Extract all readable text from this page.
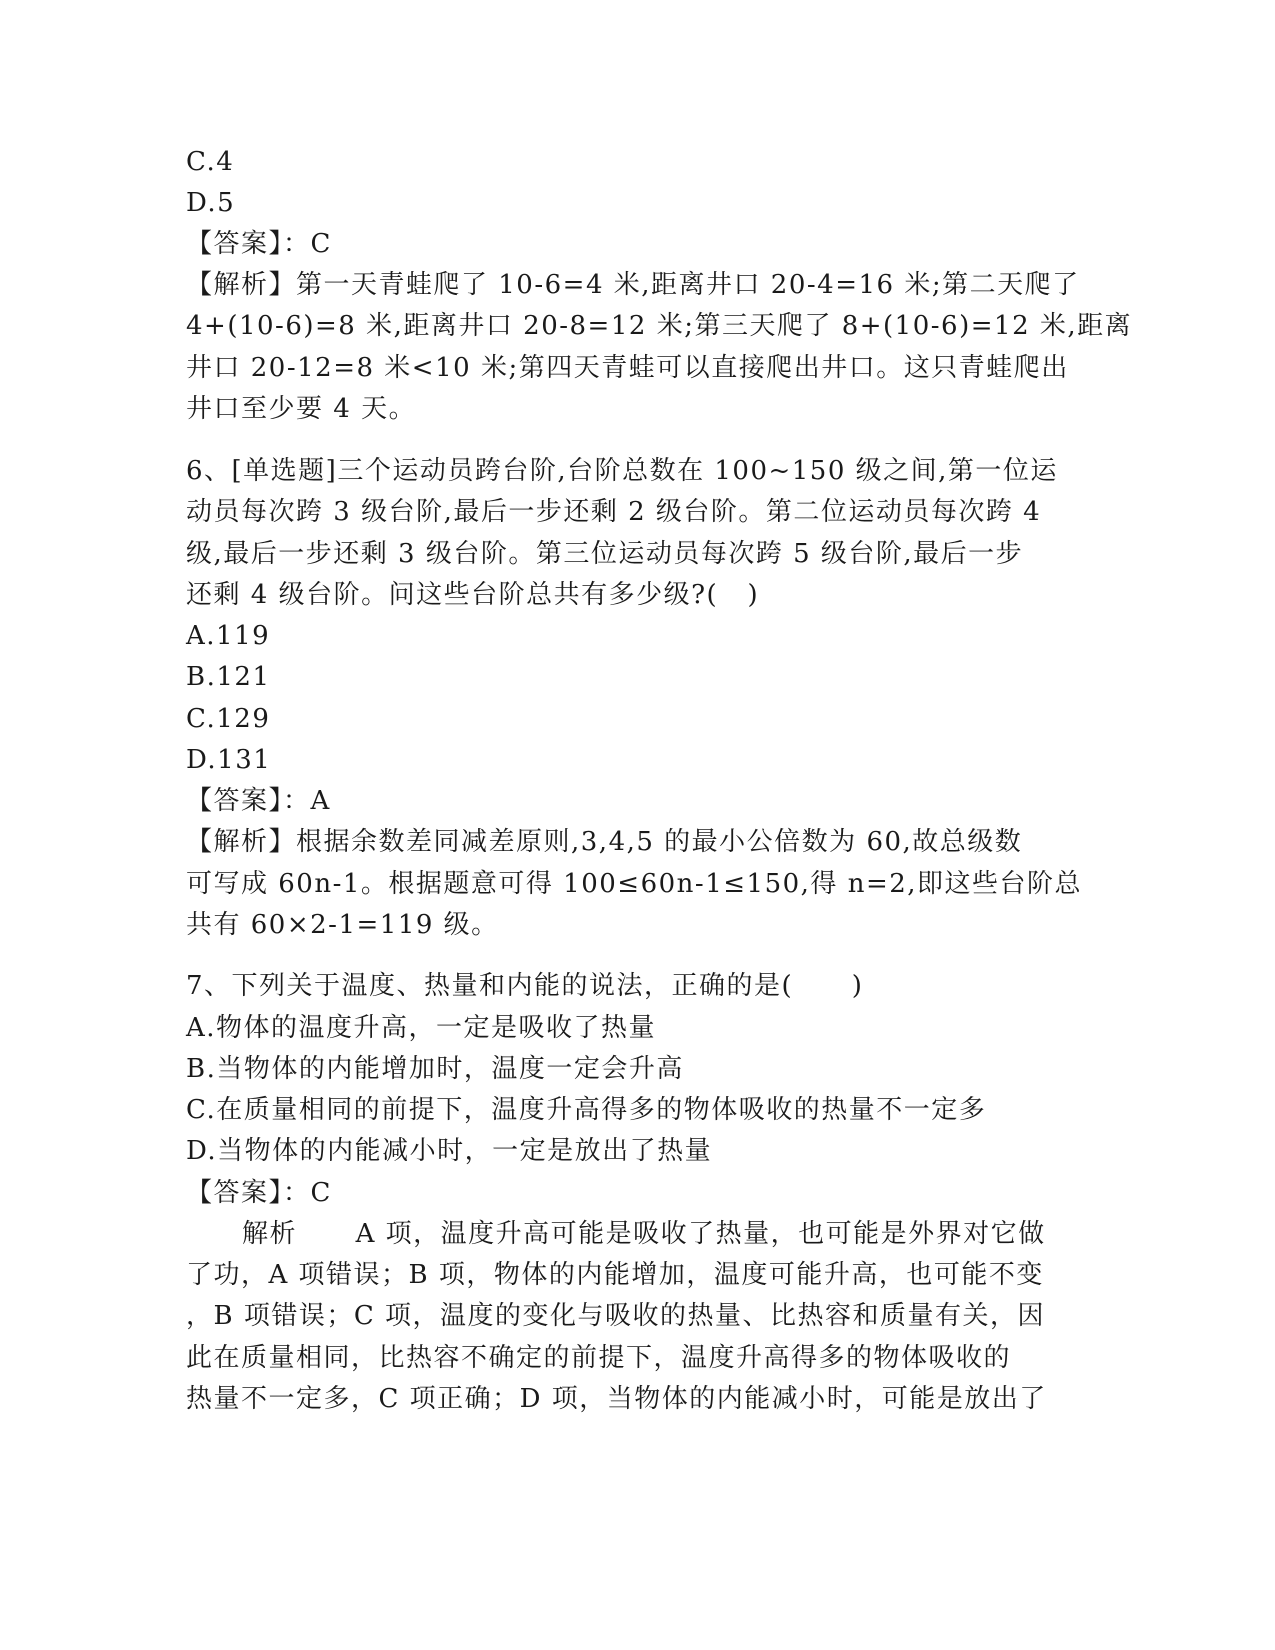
C.4
D.5
【答案】：C
【解析】第一天青蛙爬了 10-6=4 米,距离井口 20-4=16 米;第二天爬了
4+(10-6)=8 米,距离井口 20-8=12 米;第三天爬了 8+(10-6)=12 米,距离
井口 20-12=8 米<10 米;第四天青蛙可以直接爬出井口。这只青蛙爬出
井口至少要 4 天。
6、[单选题]三个运动员跨台阶,台阶总数在 100~150 级之间,第一位运
动员每次跨 3 级台阶,最后一步还剩 2 级台阶。第二位运动员每次跨 4
级,最后一步还剩 3 级台阶。第三位运动员每次跨 5 级台阶,最后一步
还剩 4 级台阶。问这些台阶总共有多少级?(   )
A.119
B.121
C.129
D.131
【答案】：A
【解析】根据余数差同减差原则,3,4,5 的最小公倍数为 60,故总级数
可写成 60n-1。根据题意可得 100≤60n-1≤150,得 n=2,即这些台阶总
共有 60×2-1=119 级。
7、下列关于温度、热量和内能的说法，正确的是(      )
A.物体的温度升高，一定是吸收了热量
B.当物体的内能增加时，温度一定会升高
C.在质量相同的前提下，温度升高得多的物体吸收的热量不一定多
D.当物体的内能减小时，一定是放出了热量
【答案】：C
解析      A 项，温度升高可能是吸收了热量，也可能是外界对它做
了功，A 项错误；B 项，物体的内能增加，温度可能升高，也可能不变
，B 项错误；C 项，温度的变化与吸收的热量、比热容和质量有关，因
此在质量相同，比热容不确定的前提下，温度升高得多的物体吸收的
热量不一定多，C 项正确；D 项，当物体的内能减小时，可能是放出了
